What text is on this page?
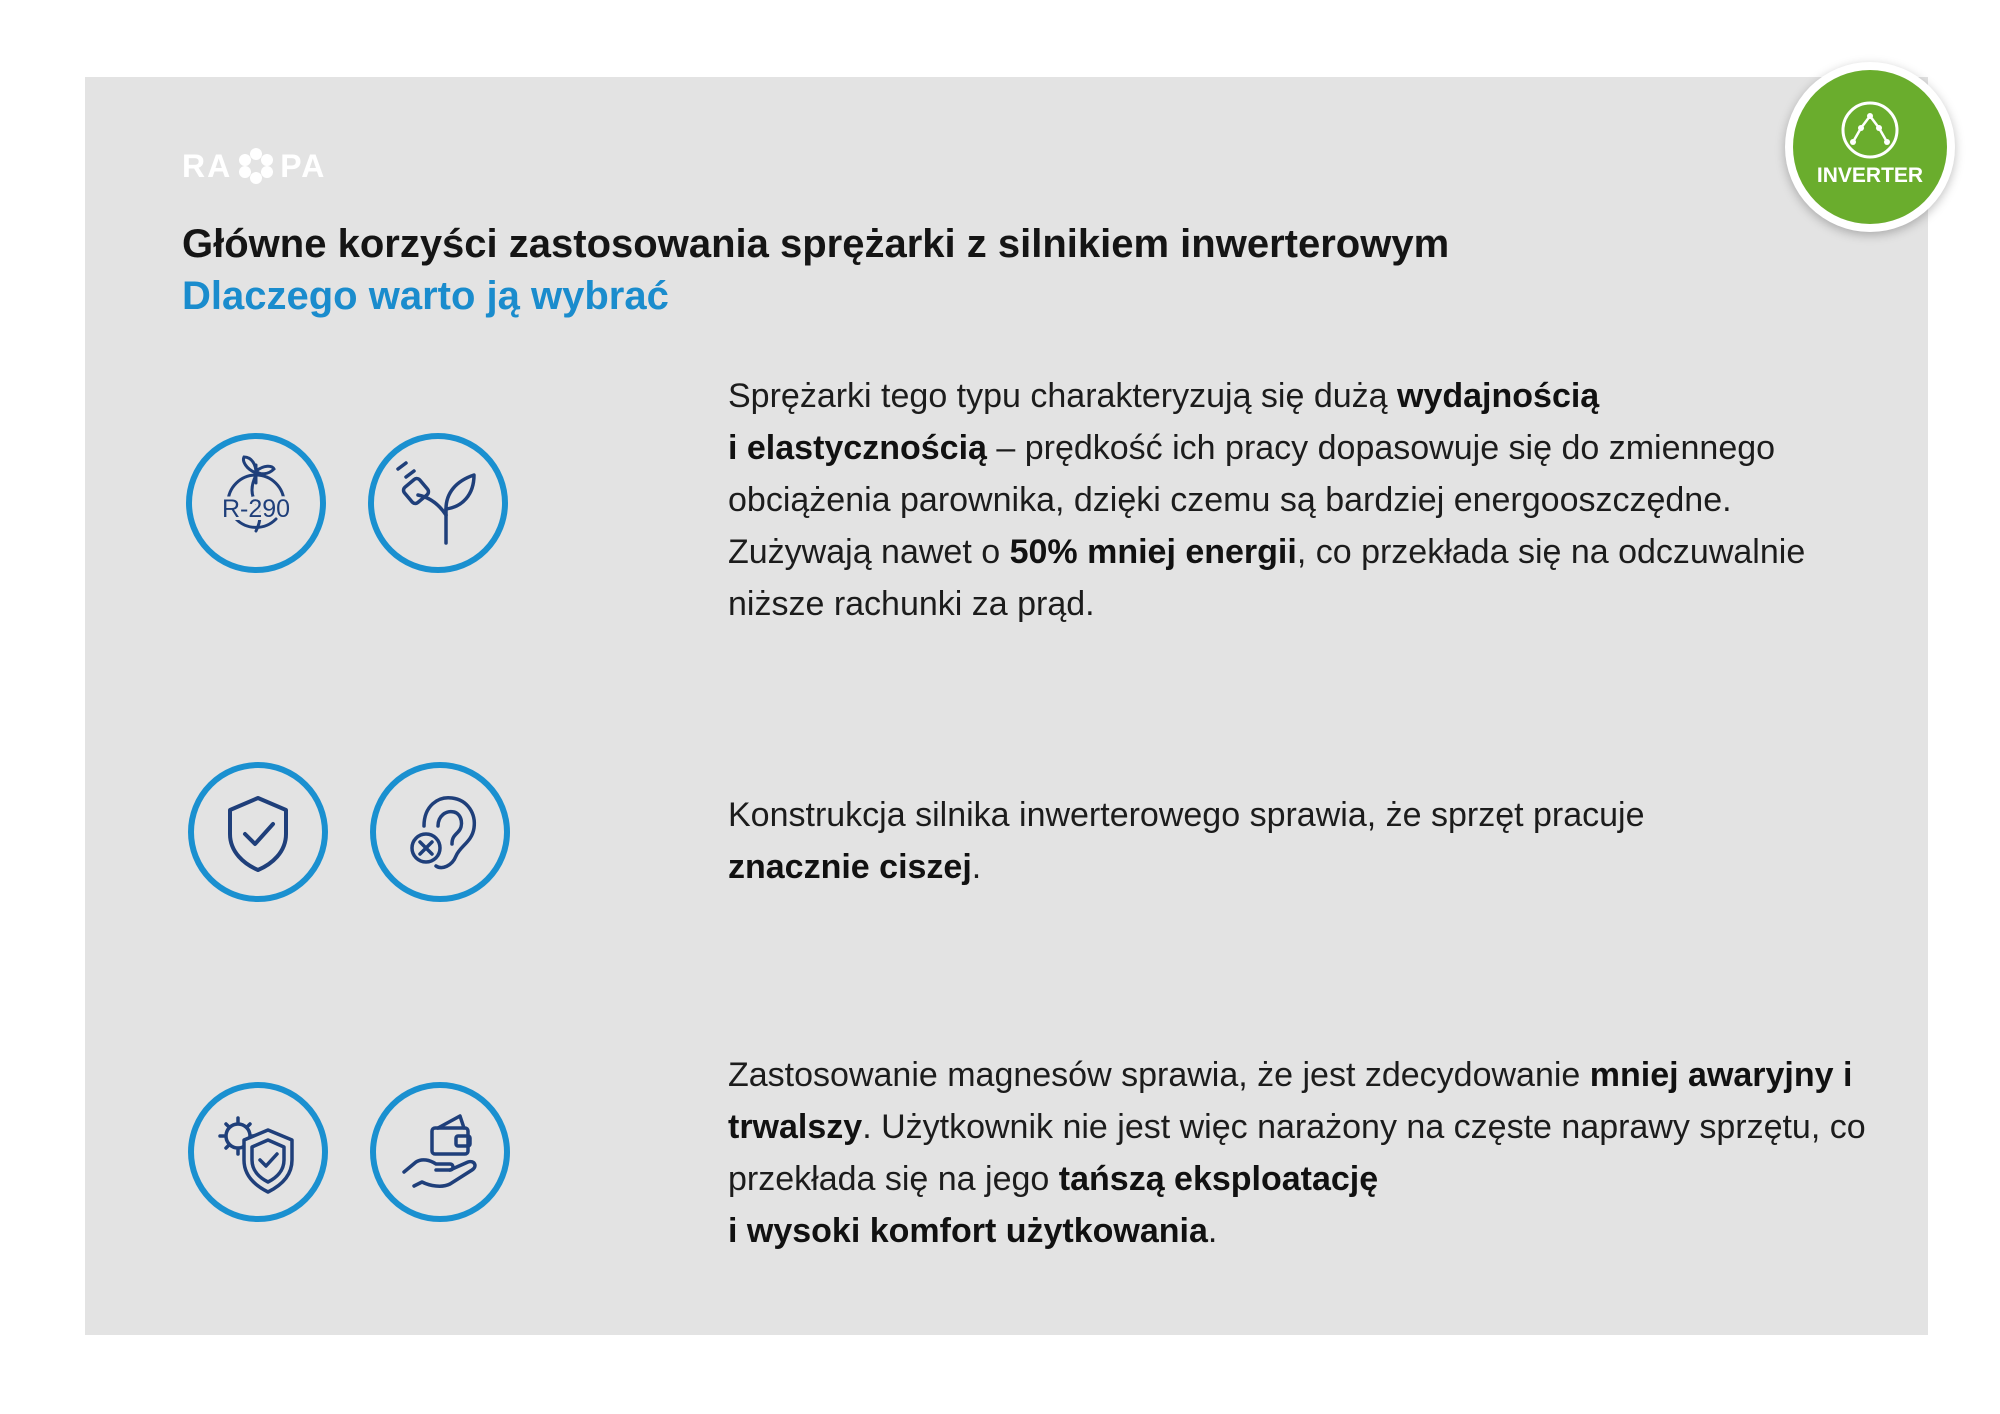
RA PA	INVERTER
Główne korzyści zastosowania sprężarki z silnikiem inwerterowym
Dlaczego warto ją wybrać
R-290

Sprężarki tego typu charakteryzują się dużą wydajnością
i elastycznością – prędkość ich pracy dopasowuje się do zmiennego obciążenia parownika, dzięki czemu są bardziej energooszczędne. Zużywają nawet o 50% mniej energii, co przekłada się na odczuwalnie niższe rachunki za prąd.

Konstrukcja silnika inwerterowego sprawia, że sprzęt pracuje
znacznie ciszej.

Zastosowanie magnesów sprawia, że jest zdecydowanie mniej awaryjny i trwalszy. Użytkownik nie jest więc narażony na częste naprawy sprzętu, co przekłada się na jego tańszą eksploatację
i wysoki komfort użytkowania.
